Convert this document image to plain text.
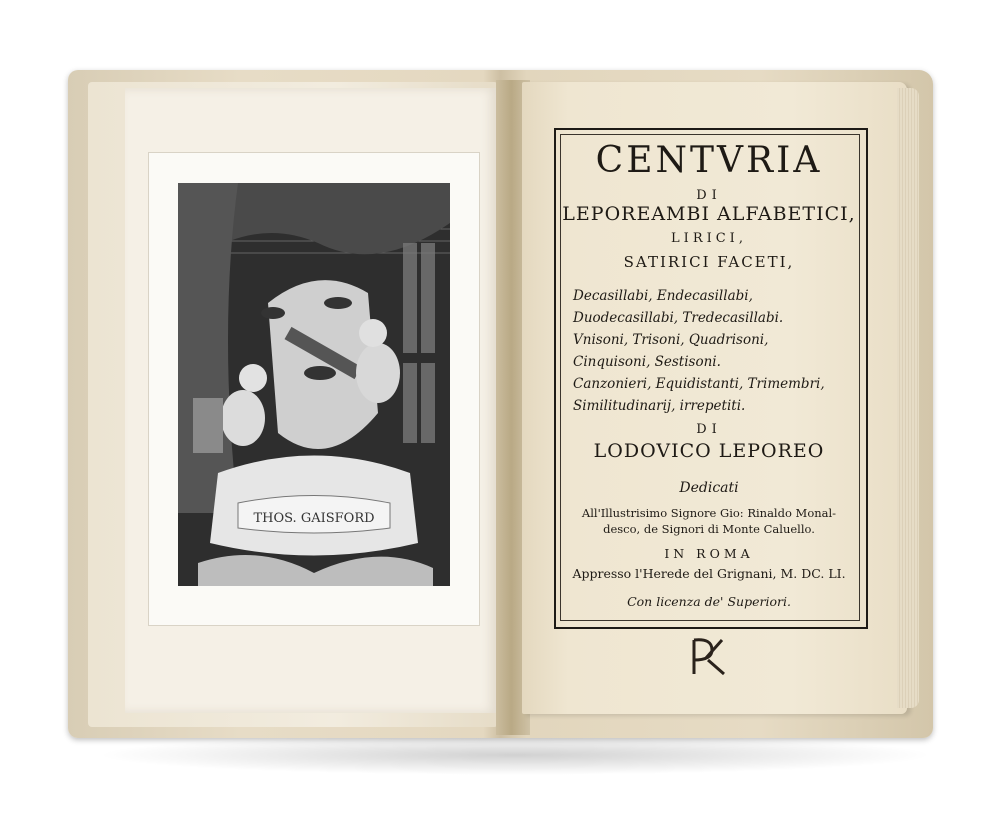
THOS. GAISFORD
CENTVRIA
DI
LEPOREAMBI ALFABETICI,
LIRICI,
SATIRICI FACETI,
Decasillabi, Endecasillabi,
Duodecasillabi, Tredecasillabi.
Vnisoni, Trisoni, Quadrisoni,
Cinquisoni, Sestisoni.
Canzonieri, Equidistanti, Trimembri,
Similitudinarij, irrepetiti.
DI
LODOVICO LEPOREO
Dedicati
All'Illustrisimo Signore Gio: Rinaldo Monal-
desco, de Signori di Monte Caluello.
IN ROMA
Appresso l'Herede del Grignani, M. DC. LI.
Con licenza de' Superiori.
